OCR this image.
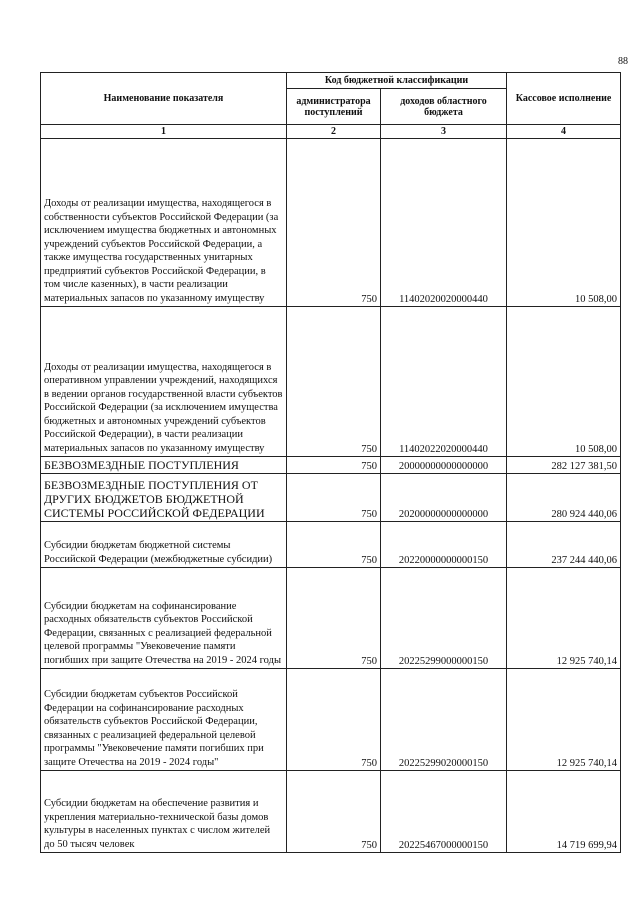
88
Наименование показателя	Код бюджетной классификации		Кассовое исполнение
	администратора поступлений	доходов областного бюджета	
1	2	3	4
Доходы от реализации имущества, находящегося в собственности субъектов Российской Федерации (за исключением имущества бюджетных и автономных учреждений субъектов Российской Федерации, а также имущества государственных унитарных предприятий субъектов Российской Федерации, в том числе казенных), в части реализации материальных запасов по указанному имуществу	750	11402020020000440	10 508,00
Доходы от реализации имущества, находящегося в оперативном управлении учреждений, находящихся в ведении органов государственной власти субъектов Российской Федерации (за исключением имущества бюджетных и автономных учреждений субъектов Российской Федерации), в части реализации материальных запасов по указанному имуществу	750	11402022020000440	10 508,00
БЕЗВОЗМЕЗДНЫЕ ПОСТУПЛЕНИЯ	750	20000000000000000	282 127 381,50
БЕЗВОЗМЕЗДНЫЕ ПОСТУПЛЕНИЯ ОТ ДРУГИХ БЮДЖЕТОВ БЮДЖЕТНОЙ СИСТЕМЫ РОССИЙСКОЙ ФЕДЕРАЦИИ	750	20200000000000000	280 924 440,06
Субсидии бюджетам бюджетной системы Российской Федерации (межбюджетные субсидии)	750	20220000000000150	237 244 440,06
Субсидии бюджетам на софинансирование расходных обязательств субъектов Российской Федерации, связанных с реализацией федеральной целевой программы "Увековечение памяти погибших при защите Отечества на 2019 - 2024 годы	750	20225299000000150	12 925 740,14
Субсидии бюджетам субъектов Российской Федерации на софинансирование расходных обязательств субъектов Российской Федерации, связанных с реализацией федеральной целевой программы "Увековечение памяти погибших при защите Отечества на 2019 - 2024 годы"	750	20225299020000150	12 925 740,14
Субсидии бюджетам на обеспечение развития и укрепления материально-технической базы домов культуры в населенных пунктах с числом жителей до 50 тысяч человек	750	20225467000000150	14 719 699,94
